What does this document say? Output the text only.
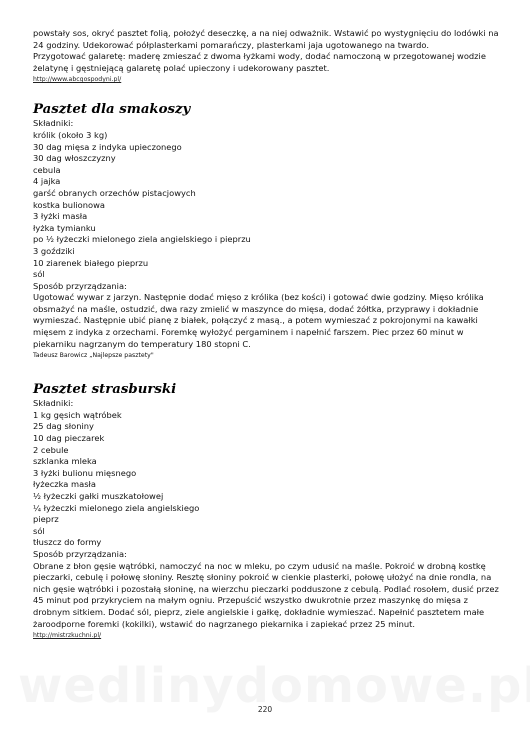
powstały sos, okryć pasztet folią, położyć deseczkę, a na niej odważnik. Wstawić po wystygnięciu do lodówki na 24 godziny. Udekorować półplasterkami pomarańczy, plasterkami jaja ugotowanego na twardo.

Przygotować galaretę: maderę zmieszać z dwoma łyżkami wody, dodać namoczoną w przegotowanej wodzie żelatynę i gęstniejącą galaretę polać upieczony i udekorowany pasztet.

http://www.abcgospodyni.pl/
Pasztet dla smakoszy
Składniki:
królik (około 3 kg)
30 dag mięsa z indyka upieczonego
30 dag włoszczyzny
cebula
4 jajka
garść obranych orzechów pistacjowych
kostka bulionowa
3 łyżki masła
łyżka tymianku
po ½ łyżeczki mielonego ziela angielskiego i pieprzu
3 goździki
10 ziarenek białego pieprzu
sól
Sposób przyrządzania:

Ugotować wywar z jarzyn. Następnie dodać mięso z królika (bez kości) i gotować dwie godziny. Mięso królika obsmażyć na maśle, ostudzić, dwa razy zmielić w maszynce do mięsa, dodać żółtka, przyprawy i dokładnie wymieszać. Następnie ubić pianę z białek, połączyć z masą., a potem wymieszać z pokrojonymi na kawałki mięsem z indyka z orzechami. Foremkę wyłożyć pergaminem i napełnić farszem. Piec przez 60 minut w piekarniku nagrzanym do temperatury 180 stopni C.

Tadeusz Barowicz „Najlepsze pasztety"
Pasztet strasburski
Składniki:
1 kg gęsich wątróbek
25 dag słoniny
10 dag pieczarek
2 cebule
szklanka mleka
3 łyżki bulionu mięsnego
łyżeczka masła
½ łyżeczki gałki muszkatołowej
¼ łyżeczki mielonego ziela angielskiego
pieprz
sól
tłuszcz do formy
Sposób przyrządzania:

Obrane z błon gęsie wątróbki, namoczyć na noc w mleku, po czym udusić na maśle. Pokroić w drobną kostkę pieczarki, cebulę i połowę słoniny. Resztę słoniny pokroić w cienkie plasterki, połowę ułożyć na dnie rondla, na nich gęsie wątróbki i pozostałą słoninę, na wierzchu pieczarki podduszone z cebulą. Podlać rosołem, dusić przez 45 minut pod przykryciem na małym ogniu. Przepuścić wszystko dwukrotnie przez maszynkę do mięsa z drobnym sitkiem. Dodać sól, pieprz, ziele angielskie i gałkę, dokładnie wymieszać. Napełnić pasztetem małe żaroodporne foremki (kokilki), wstawić do nagrzanego piekarnika i zapiekać przez 25 minut.

http://mistrzkuchni.pl/
220
